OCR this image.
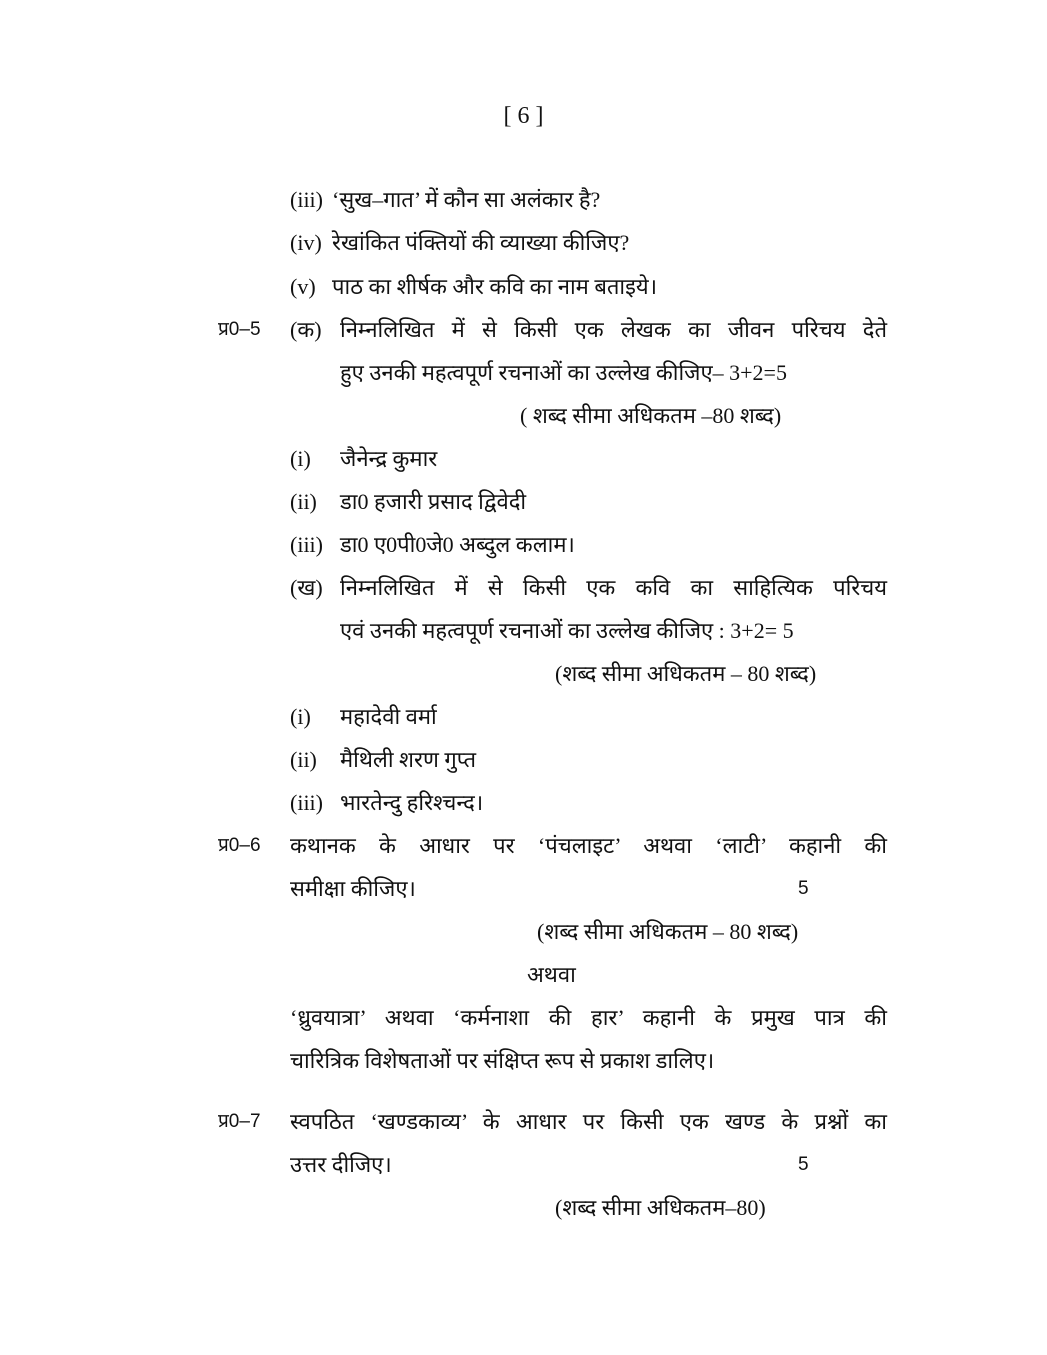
[ 6 ]
(iii) ‘सुख–गात’ में कौन सा अलंकार है?
(iv) रेखांकित पंक्तियों की व्याख्या कीजिए?
(v) पाठ का शीर्षक और कवि का नाम बताइये।
प्र0–5 (क) निम्नलिखित में से किसी एक लेखक का जीवन परिचय देते
हुए उनकी महत्वपूर्ण रचनाओं का उल्लेख कीजिए– 3+2=5
( शब्द सीमा अधिकतम –80 शब्द)
(i) जैनेन्द्र कुमार
(ii) डा0 हजारी प्रसाद द्विवेदी
(iii) डा0 ए0पी0जे0 अब्दुल कलाम।
(ख) निम्नलिखित में से किसी एक कवि का साहित्यिक परिचय
एवं उनकी महत्वपूर्ण रचनाओं का उल्लेख कीजिए : 3+2= 5
(शब्द सीमा अधिकतम – 80 शब्द)
(i) महादेवी वर्मा
(ii) मैथिली शरण गुप्त
(iii) भारतेन्दु हरिश्चन्द।
प्र0–6 कथानक के आधार पर ‘पंचलाइट’ अथवा ‘लाटी’ कहानी की
समीक्षा कीजिए।	5
(शब्द सीमा अधिकतम – 80 शब्द)
अथवा
‘ध्रुवयात्रा’ अथवा ‘कर्मनाशा की हार’ कहानी के प्रमुख पात्र की
चारित्रिक विशेषताओं पर संक्षिप्त रूप से प्रकाश डालिए।
प्र0–7 स्वपठित ‘खण्डकाव्य’ के आधार पर किसी एक खण्ड के प्रश्नों का
उत्तर दीजिए।	5
(शब्द सीमा अधिकतम–80)
